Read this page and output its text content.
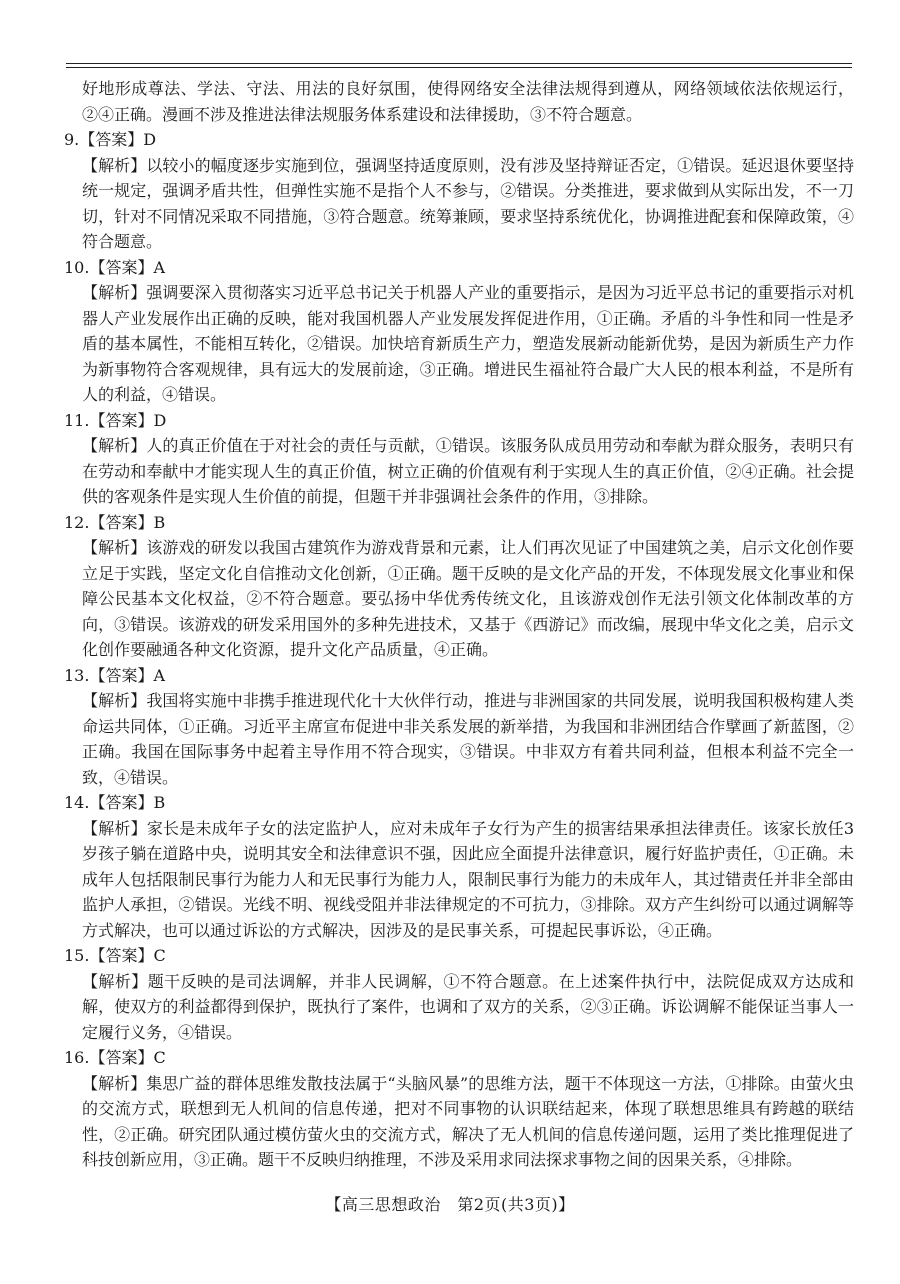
好地形成尊法、学法、守法、用法的良好氛围，使得网络安全法律法规得到遵从，网络领域依法依规运行，②④正确。漫画不涉及推进法律法规服务体系建设和法律援助，③不符合题意。

9.【答案】D

【解析】以较小的幅度逐步实施到位，强调坚持适度原则，没有涉及坚持辩证否定，①错误。延迟退休要坚持统一规定，强调矛盾共性，但弹性实施不是指个人不参与，②错误。分类推进，要求做到从实际出发，不一刀切，针对不同情况采取不同措施，③符合题意。统筹兼顾，要求坚持系统优化，协调推进配套和保障政策，④符合题意。

10.【答案】A

【解析】强调要深入贯彻落实习近平总书记关于机器人产业的重要指示，是因为习近平总书记的重要指示对机器人产业发展作出正确的反映，能对我国机器人产业发展发挥促进作用，①正确。矛盾的斗争性和同一性是矛盾的基本属性，不能相互转化，②错误。加快培育新质生产力，塑造发展新动能新优势，是因为新质生产力作为新事物符合客观规律，具有远大的发展前途，③正确。增进民生福祉符合最广大人民的根本利益，不是所有人的利益，④错误。

11.【答案】D

【解析】人的真正价值在于对社会的责任与贡献，①错误。该服务队成员用劳动和奉献为群众服务，表明只有在劳动和奉献中才能实现人生的真正价值，树立正确的价值观有利于实现人生的真正价值，②④正确。社会提供的客观条件是实现人生价值的前提，但题干并非强调社会条件的作用，③排除。

12.【答案】B

【解析】该游戏的研发以我国古建筑作为游戏背景和元素，让人们再次见证了中国建筑之美，启示文化创作要立足于实践，坚定文化自信推动文化创新，①正确。题干反映的是文化产品的开发，不体现发展文化事业和保障公民基本文化权益，②不符合题意。要弘扬中华优秀传统文化，且该游戏创作无法引领文化体制改革的方向，③错误。该游戏的研发采用国外的多种先进技术，又基于《西游记》而改编，展现中华文化之美，启示文化创作要融通各种文化资源，提升文化产品质量，④正确。

13.【答案】A

【解析】我国将实施中非携手推进现代化十大伙伴行动，推进与非洲国家的共同发展，说明我国积极构建人类命运共同体，①正确。习近平主席宣布促进中非关系发展的新举措，为我国和非洲团结合作擘画了新蓝图，②正确。我国在国际事务中起着主导作用不符合现实，③错误。中非双方有着共同利益，但根本利益不完全一致，④错误。

14.【答案】B

【解析】家长是未成年子女的法定监护人，应对未成年子女行为产生的损害结果承担法律责任。该家长放任3岁孩子躺在道路中央，说明其安全和法律意识不强，因此应全面提升法律意识，履行好监护责任，①正确。未成年人包括限制民事行为能力人和无民事行为能力人，限制民事行为能力的未成年人，其过错责任并非全部由监护人承担，②错误。光线不明、视线受阻并非法律规定的不可抗力，③排除。双方产生纠纷可以通过调解等方式解决，也可以通过诉讼的方式解决，因涉及的是民事关系，可提起民事诉讼，④正确。

15.【答案】C

【解析】题干反映的是司法调解，并非人民调解，①不符合题意。在上述案件执行中，法院促成双方达成和解，使双方的利益都得到保护，既执行了案件，也调和了双方的关系，②③正确。诉讼调解不能保证当事人一定履行义务，④错误。

16.【答案】C

【解析】集思广益的群体思维发散技法属于“头脑风暴”的思维方法，题干不体现这一方法，①排除。由萤火虫的交流方式，联想到无人机间的信息传递，把对不同事物的认识联结起来，体现了联想思维具有跨越的联结性，②正确。研究团队通过模仿萤火虫的交流方式，解决了无人机间的信息传递问题，运用了类比推理促进了科技创新应用，③正确。题干不反映归纳推理，不涉及采用求同法探求事物之间的因果关系，④排除。

【高三思想政治　第2页(共3页)】
